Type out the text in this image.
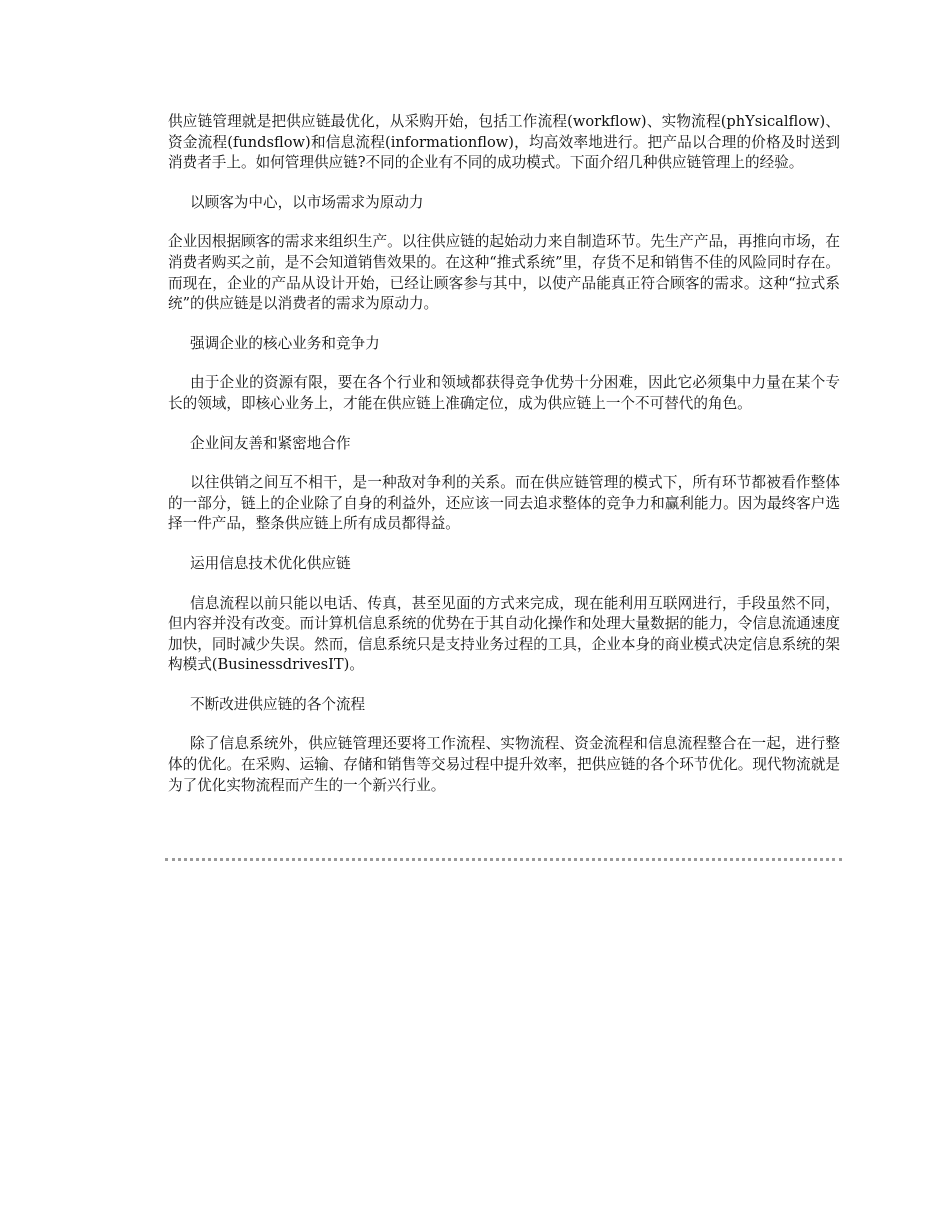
供应链管理就是把供应链最优化，从采购开始，包括工作流程(workflow)、实物流程(phYsicalflow)、资金流程(fundsflow)和信息流程(informationflow)，均高效率地进行。把产品以合理的价格及时送到消费者手上。如何管理供应链?不同的企业有不同的成功模式。下面介绍几种供应链管理上的经验。

以顾客为中心，以市场需求为原动力

企业因根据顾客的需求来组织生产。以往供应链的起始动力来自制造环节。先生产产品，再推向市场，在消费者购买之前，是不会知道销售效果的。在这种“推式系统”里，存货不足和销售不佳的风险同时存在。而现在，企业的产品从设计开始，已经让顾客参与其中，以使产品能真正符合顾客的需求。这种“拉式系统”的供应链是以消费者的需求为原动力。

强调企业的核心业务和竞争力

由于企业的资源有限，要在各个行业和领域都获得竞争优势十分困难，因此它必须集中力量在某个专长的领域，即核心业务上，才能在供应链上准确定位，成为供应链上一个不可替代的角色。

企业间友善和紧密地合作

以往供销之间互不相干，是一种敌对争利的关系。而在供应链管理的模式下，所有环节都被看作整体的一部分，链上的企业除了自身的利益外，还应该一同去追求整体的竞争力和赢利能力。因为最终客户选择一件产品，整条供应链上所有成员都得益。

运用信息技术优化供应链

信息流程以前只能以电话、传真，甚至见面的方式来完成，现在能利用互联网进行，手段虽然不同，但内容并没有改变。而计算机信息系统的优势在于其自动化操作和处理大量数据的能力，令信息流通速度加快，同时减少失误。然而，信息系统只是支持业务过程的工具，企业本身的商业模式决定信息系统的架构模式(BusinessdrivesIT)。

不断改进供应链的各个流程

除了信息系统外，供应链管理还要将工作流程、实物流程、资金流程和信息流程整合在一起，进行整体的优化。在采购、运输、存储和销售等交易过程中提升效率，把供应链的各个环节优化。现代物流就是为了优化实物流程而产生的一个新兴行业。
